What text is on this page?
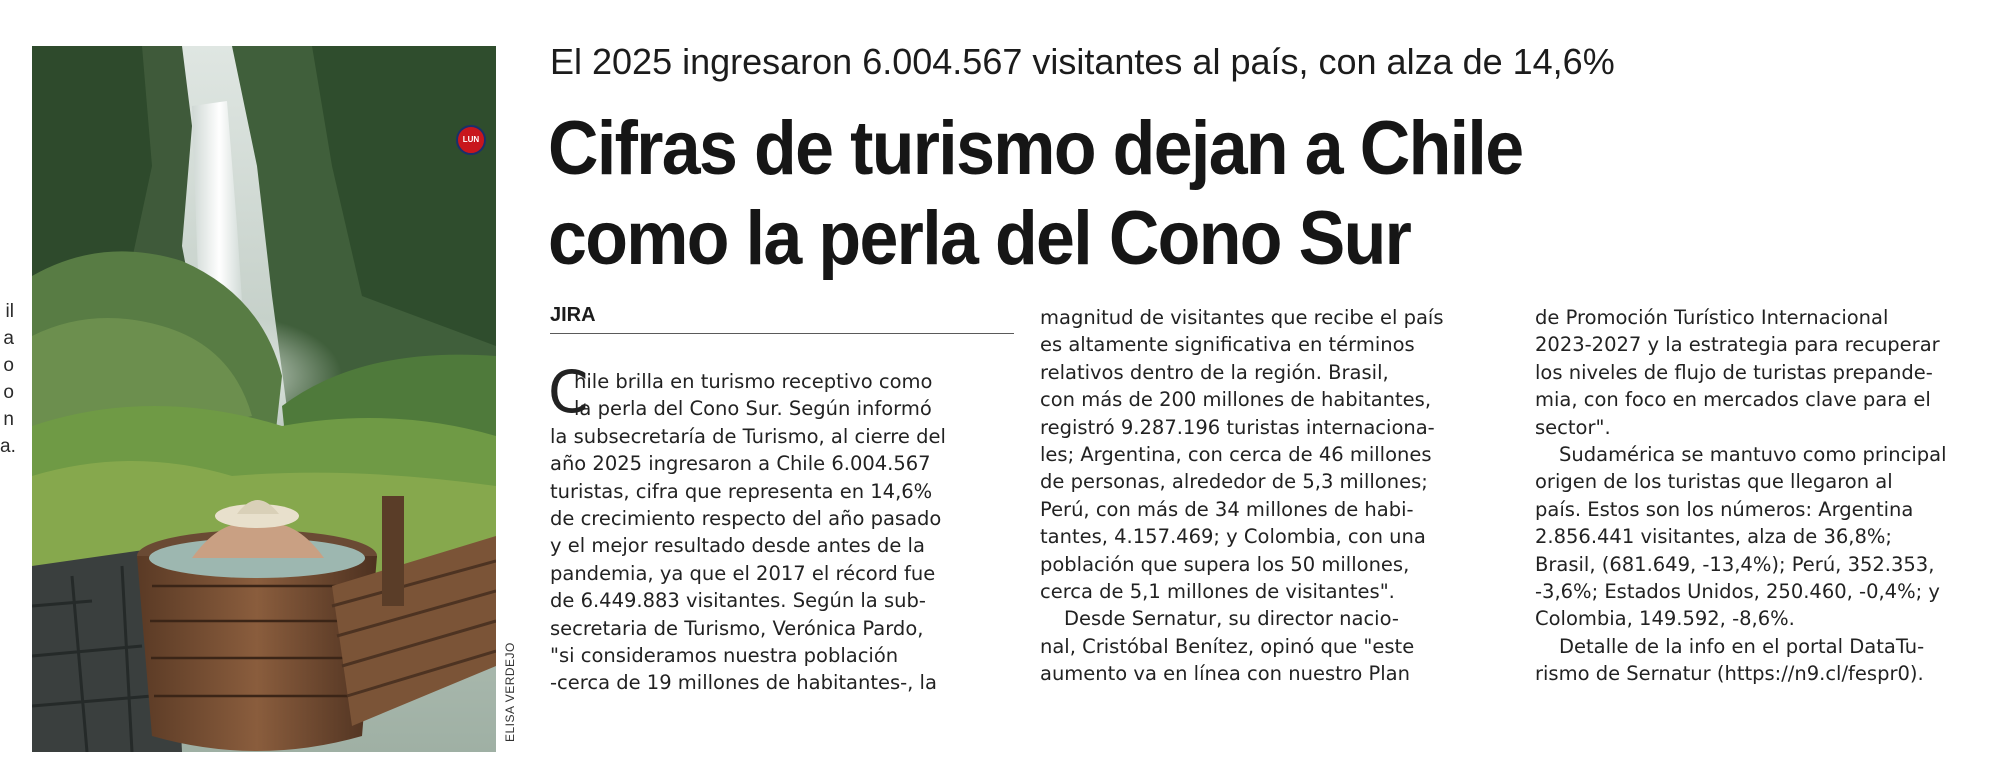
il
a
o
o
n
a.
LUN
ELISA VERDEJO
El 2025 ingresaron 6.004.567 visitantes al país, con alza de 14,6%
Cifras de turismo dejan a Chile
como la perla del Cono Sur
JIRA
C
hile brilla en turismo receptivo como
la perla del Cono Sur. Según informó
la subsecretaría de Turismo, al cierre del
año 2025 ingresaron a Chile 6.004.567
turistas, cifra que representa en 14,6%
de crecimiento respecto del año pasado
y el mejor resultado desde antes de la
pandemia, ya que el 2017 el récord fue
de 6.449.883 visitantes. Según la sub-
secretaria de Turismo, Verónica Pardo,
"si consideramos nuestra población
-cerca de 19 millones de habitantes-, la
magnitud de visitantes que recibe el país
es altamente significativa en términos
relativos dentro de la región. Brasil,
con más de 200 millones de habitantes,
registró 9.287.196 turistas internaciona-
les; Argentina, con cerca de 46 millones
de personas, alrededor de 5,3 millones;
Perú, con más de 34 millones de habi-
tantes, 4.157.469; y Colombia, con una
población que supera los 50 millones,
cerca de 5,1 millones de visitantes".
Desde Sernatur, su director nacio-
nal, Cristóbal Benítez, opinó que "este
aumento va en línea con nuestro Plan
de Promoción Turístico Internacional
2023-2027 y la estrategia para recuperar
los niveles de flujo de turistas prepande-
mia, con foco en mercados clave para el
sector".
Sudamérica se mantuvo como principal
origen de los turistas que llegaron al
país. Estos son los números: Argentina
2.856.441 visitantes, alza de 36,8%;
Brasil, (681.649, -13,4%); Perú, 352.353,
-3,6%; Estados Unidos, 250.460, -0,4%; y
Colombia, 149.592, -8,6%.
Detalle de la info en el portal DataTu-
rismo de Sernatur (https://n9.cl/fespr0).
